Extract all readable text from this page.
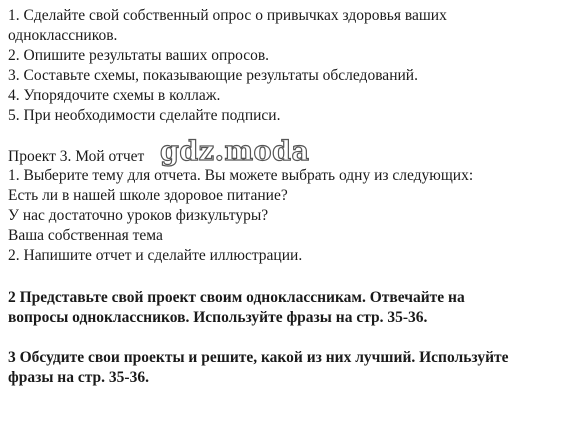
1. Сделайте свой собственный опрос о привычках здоровья ваших
одноклассников.
2. Опишите результаты ваших опросов.
3. Составьте схемы, показывающие результаты обследований.
4. Упорядочите схемы в коллаж.
5. При необходимости сделайте подписи.
Проект 3. Мой отчет
1. Выберите тему для отчета. Вы можете выбрать одну из следующих:
Есть ли в нашей школе здоровое питание?
У нас достаточно уроков физкультуры?
Ваша собственная тема
2. Напишите отчет и сделайте иллюстрации.
2 Представьте свой проект своим одноклассникам. Отвечайте на
вопросы одноклассников. Используйте фразы на стр. 35-36.
3 Обсудите свои проекты и решите, какой из них лучший. Используйте
фразы на стр. 35-36.
gdz.moda
